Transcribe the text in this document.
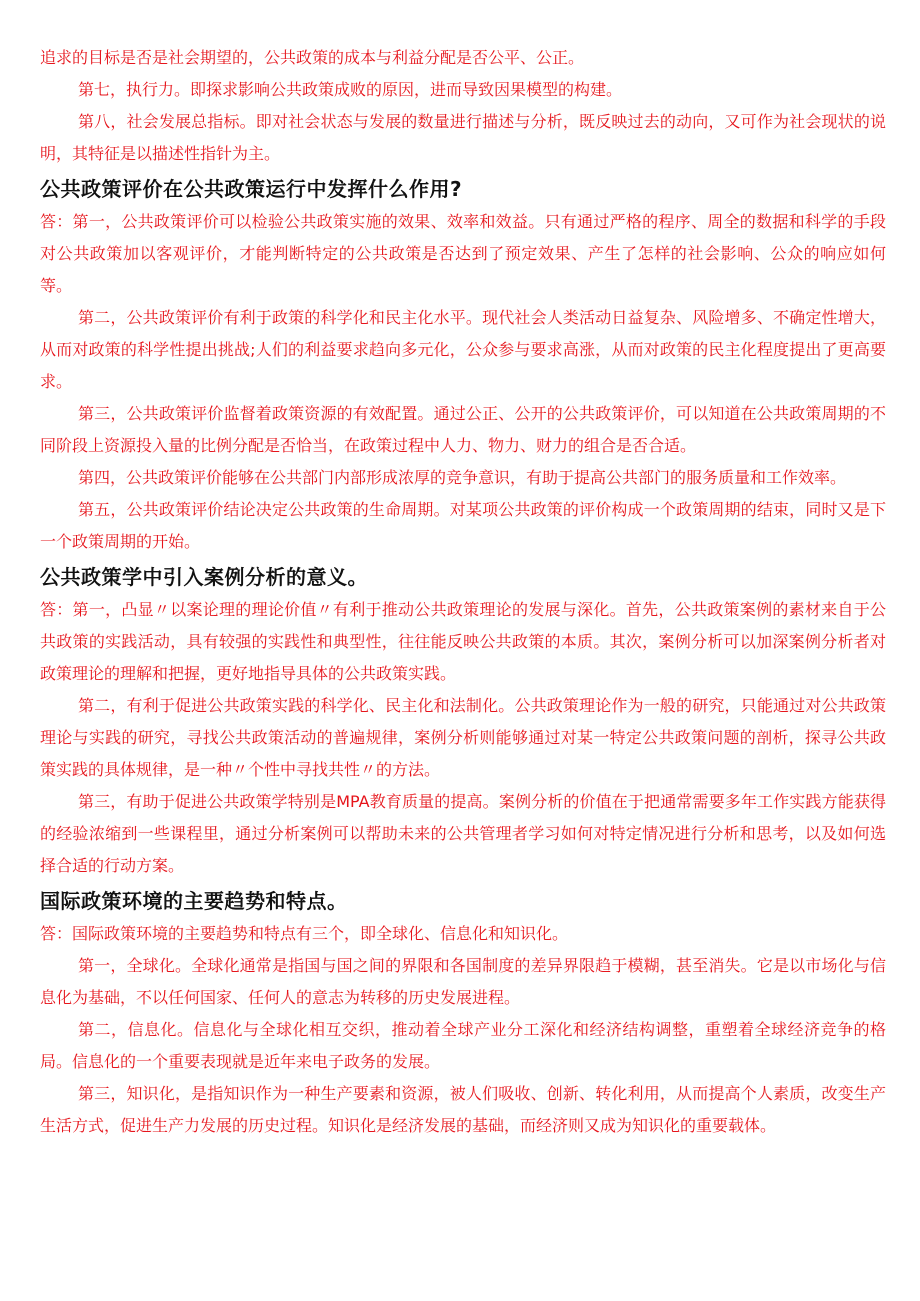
追求的目标是否是社会期望的，公共政策的成本与利益分配是否公平、公正。

第七，执行力。即探求影响公共政策成败的原因，进而导致因果模型的构建。

第八，社会发展总指标。即对社会状态与发展的数量进行描述与分析，既反映过去的动向，又可作为社会现状的说明，其特征是以描述性指针为主。

公共政策评价在公共政策运行中发挥什么作用?

答：第一，公共政策评价可以检验公共政策实施的效果、效率和效益。只有通过严格的程序、周全的数据和科学的手段对公共政策加以客观评价，才能判断特定的公共政策是否达到了预定效果、产生了怎样的社会影响、公众的响应如何等。

第二，公共政策评价有利于政策的科学化和民主化水平。现代社会人类活动日益复杂、风险增多、不确定性增大，从而对政策的科学性提出挑战;人们的利益要求趋向多元化，公众参与要求高涨，从而对政策的民主化程度提出了更高要求。

第三，公共政策评价监督着政策资源的有效配置。通过公正、公开的公共政策评价，可以知道在公共政策周期的不同阶段上资源投入量的比例分配是否恰当，在政策过程中人力、物力、财力的组合是否合适。

第四，公共政策评价能够在公共部门内部形成浓厚的竞争意识，有助于提高公共部门的服务质量和工作效率。

第五，公共政策评价结论决定公共政策的生命周期。对某项公共政策的评价构成一个政策周期的结束，同时又是下一个政策周期的开始。

公共政策学中引入案例分析的意义。

答：第一，凸显〃以案论理的理论价值〃有利于推动公共政策理论的发展与深化。首先，公共政策案例的素材来自于公共政策的实践活动，具有较强的实践性和典型性，往往能反映公共政策的本质。其次，案例分析可以加深案例分析者对政策理论的理解和把握，更好地指导具体的公共政策实践。

第二，有利于促进公共政策实践的科学化、民主化和法制化。公共政策理论作为一般的研究，只能通过对公共政策理论与实践的研究，寻找公共政策活动的普遍规律，案例分析则能够通过对某一特定公共政策问题的剖析，探寻公共政策实践的具体规律，是一种〃个性中寻找共性〃的方法。

第三，有助于促进公共政策学特别是MPA教育质量的提高。案例分析的价值在于把通常需要多年工作实践方能获得的经验浓缩到一些课程里，通过分析案例可以帮助未来的公共管理者学习如何对特定情况进行分析和思考，以及如何选择合适的行动方案。

国际政策环境的主要趋势和特点。

答：国际政策环境的主要趋势和特点有三个，即全球化、信息化和知识化。

第一，全球化。全球化通常是指国与国之间的界限和各国制度的差异界限趋于模糊，甚至消失。它是以市场化与信息化为基础，不以任何国家、任何人的意志为转移的历史发展进程。

第二，信息化。信息化与全球化相互交织，推动着全球产业分工深化和经济结构调整，重塑着全球经济竞争的格局。信息化的一个重要表现就是近年来电子政务的发展。

第三，知识化，是指知识作为一种生产要素和资源，被人们吸收、创新、转化利用，从而提高个人素质，改变生产生活方式，促进生产力发展的历史过程。知识化是经济发展的基础，而经济则又成为知识化的重要载体。
